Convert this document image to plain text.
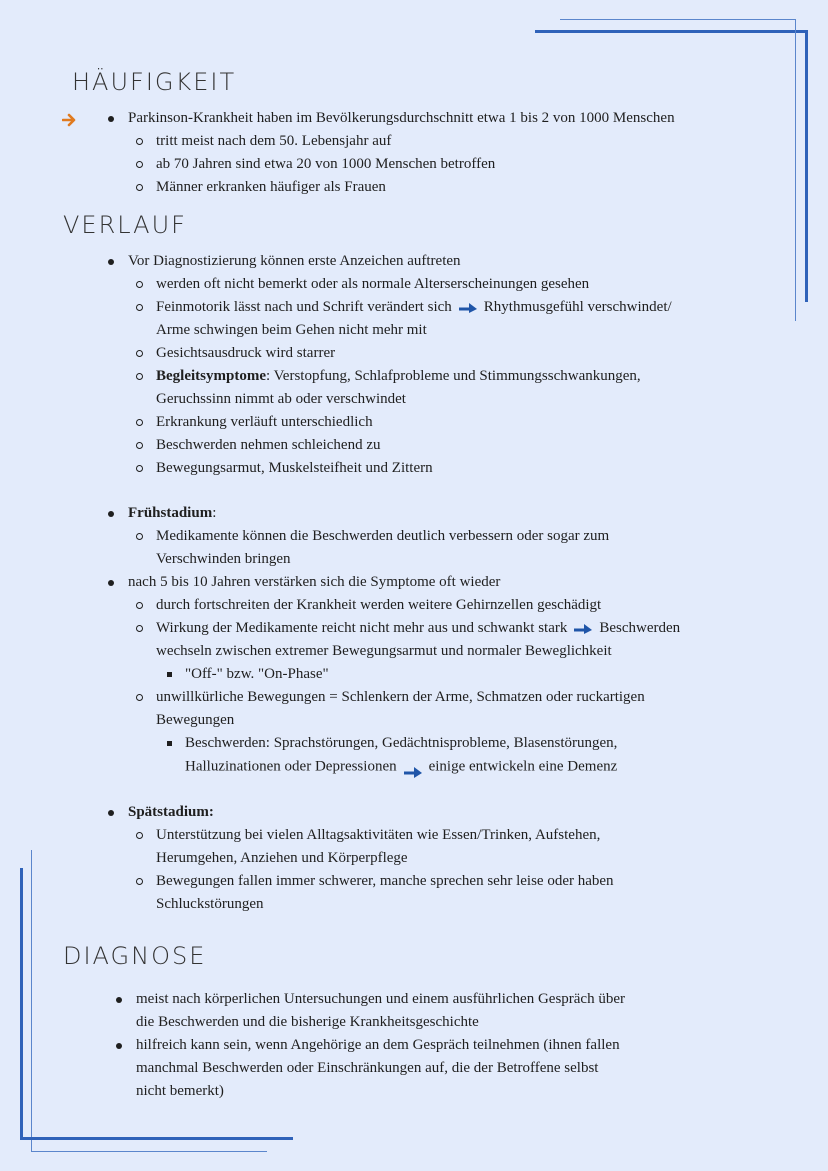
HÄUFIGKEIT
Parkinson-Krankheit haben im Bevölkerungsdurchschnitt etwa 1 bis 2 von 1000 Menschen
tritt meist nach dem 50. Lebensjahr auf
ab 70 Jahren sind etwa 20 von 1000 Menschen betroffen
Männer erkranken häufiger als Frauen
VERLAUF
Vor Diagnostizierung können erste Anzeichen auftreten
werden oft nicht bemerkt oder als normale Alterserscheinungen gesehen
Feinmotorik lässt nach und Schrift verändert sich Rhythmusgefühl verschwindet/
Arme schwingen beim Gehen nicht mehr mit
Gesichtsausdruck wird starrer
Begleitsymptome: Verstopfung, Schlafprobleme und Stimmungsschwankungen,
Geruchssinn nimmt ab oder verschwindet
Erkrankung verläuft unterschiedlich
Beschwerden nehmen schleichend zu
Bewegungsarmut, Muskelsteifheit und Zittern
Frühstadium:
Medikamente können die Beschwerden deutlich verbessern oder sogar zum
Verschwinden bringen
nach 5 bis 10 Jahren verstärken sich die Symptome oft wieder
durch fortschreiten der Krankheit werden weitere Gehirnzellen geschädigt
Wirkung der Medikamente reicht nicht mehr aus und schwankt stark Beschwerden
wechseln zwischen extremer Bewegungsarmut und normaler Beweglichkeit
"Off-" bzw. "On-Phase"
unwillkürliche Bewegungen = Schlenkern der Arme, Schmatzen oder ruckartigen
Bewegungen
Beschwerden: Sprachstörungen, Gedächtnisprobleme, Blasenstörungen,
Halluzinationen oder Depressionen einige entwickeln eine Demenz
Spätstadium:
Unterstützung bei vielen Alltagsaktivitäten wie Essen/Trinken, Aufstehen,
Herumgehen, Anziehen und Körperpflege
Bewegungen fallen immer schwerer, manche sprechen sehr leise oder haben
Schluckstörungen
DIAGNOSE
meist nach körperlichen Untersuchungen und einem ausführlichen Gespräch über
die Beschwerden und die bisherige Krankheitsgeschichte
hilfreich kann sein, wenn Angehörige an dem Gespräch teilnehmen (ihnen fallen
manchmal Beschwerden oder Einschränkungen auf, die der Betroffene selbst
nicht bemerkt)
